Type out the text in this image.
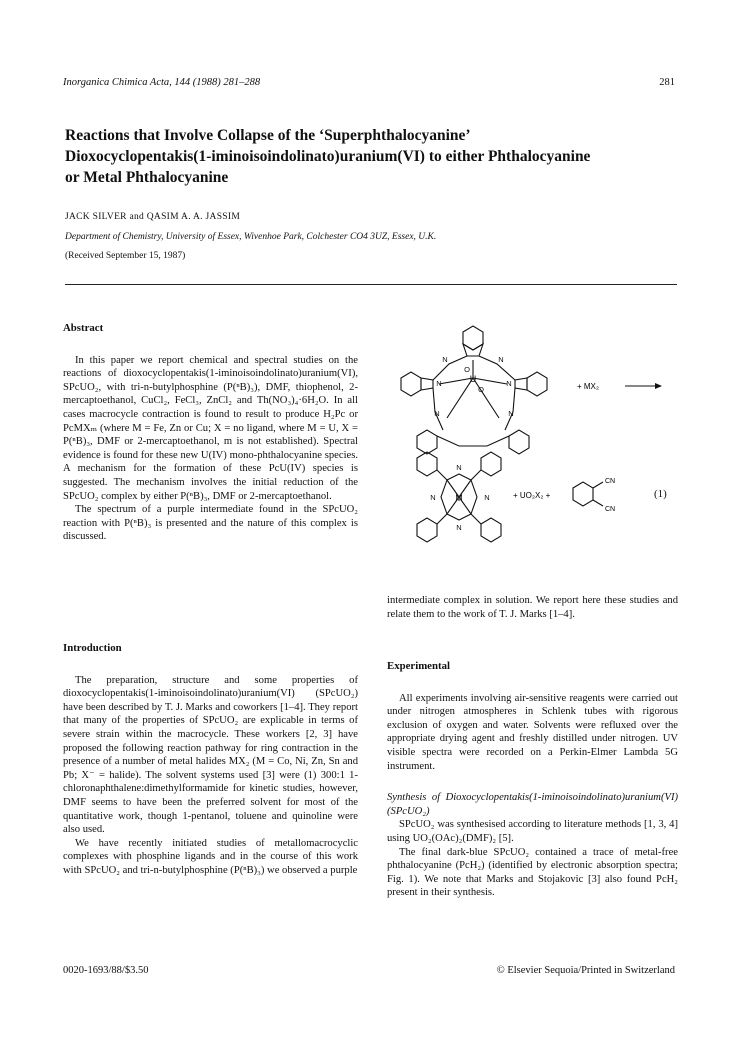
Inorganica Chimica Acta, 144 (1988) 281–288	281
Reactions that Involve Collapse of the ‘Superphthalocyanine’
Dioxocyclopentakis(1-iminoisoindolinato)uranium(VI) to either Phthalocyanine
or Metal Phthalocyanine
JACK SILVER and QASIM A. A. JASSIM
Department of Chemistry, University of Essex, Wivenhoe Park, Colchester CO4 3UZ, Essex, U.K.
(Received September 15, 1987)
Abstract

In this paper we report chemical and spectral studies on the reactions of dioxocyclopentakis(1-iminoisoindolinato)uranium(VI), SPcUO₂, with tri-n-butylphosphine (P(ⁿB)₃), DMF, thiophenol, 2-mercaptoethanol, CuCl₂, FeCl₃, ZnCl₂ and Th(NO₃)₄·6H₂O. In all cases macrocycle contraction is found to result to produce H₂Pc or PcMXₘ (where M = Fe, Zn or Cu; X = no ligand, where M = U, X = P(ⁿB)₃, DMF or 2-mercaptoethanol, m is not established). Spectral evidence is found for these new U(IV) mono-phthalocyanine species. A mechanism for the formation of these PcU(IV) species is suggested. The mechanism involves the initial reduction of the SPcUO₂ complex by either P(ⁿB)₃, DMF or 2-mercaptoethanol.

The spectrum of a purple intermediate found in the SPcUO₂ reaction with P(ⁿB)₃ is presented and the nature of this complex is discussed.

Introduction

The preparation, structure and some properties of dioxocyclopentakis(1-iminoisoindolinato)uranium(VI) (SPcUO₂) have been described by T. J. Marks and coworkers [1–4]. They report that many of the properties of SPcUO₂ are explicable in terms of severe strain within the macrocycle. These workers [2, 3] have proposed the following reaction pathway for ring contraction in the presence of a number of metal halides MX₂ (M = Co, Ni, Zn, Sn and Pb; X⁻ = halide). The solvent systems used [3] were (1) 300:1 1-chloronaphthalene:dimethylformamide for kinetic studies, however, DMF seems to have been the preferred solvent for most of the quantitative work, though 1-pentanol, toluene and quinoline were also used.

We have recently initiated studies of metallomacrocyclic complexes with phosphine ligands and in the course of this work with SPcUO₂ and tri-n-butylphosphine (P(ⁿB)₃) we observed a purple

intermediate complex in solution. We report here these studies and relate them to the work of T. J. Marks [1–4].

Experimental

All experiments involving air-sensitive reagents were carried out under nitrogen atmospheres in Schlenk tubes with rigorous exclusion of oxygen and water. Solvents were refluxed over the appropriate drying agent and freshly distilled under nitrogen. UV visible spectra were recorded on a Perkin-Elmer Lambda 5G instrument.

Synthesis of Dioxocyclopentakis(1-iminoisoindolinato)uranium(VI) (SPcUO₂)

SPcUO₂ was synthesised according to literature methods [1, 3, 4] using UO₂(OAc)₂(DMF)₂ [5].

The final dark-blue SPcUO₂ contained a trace of metal-free phthalocyanine (PcH₂) (identified by electronic absorption spectra; Fig. 1). We note that Marks and Stojakovic [3] also found PcH₂ present in their synthesis.

U
O
O
N	N
N	N
N	N
+ MX₂
M
N
N
N	N	+ UO₂X₂ +
CN
CN
(1)
0020-1693/88/$3.50	© Elsevier Sequoia/Printed in Switzerland
